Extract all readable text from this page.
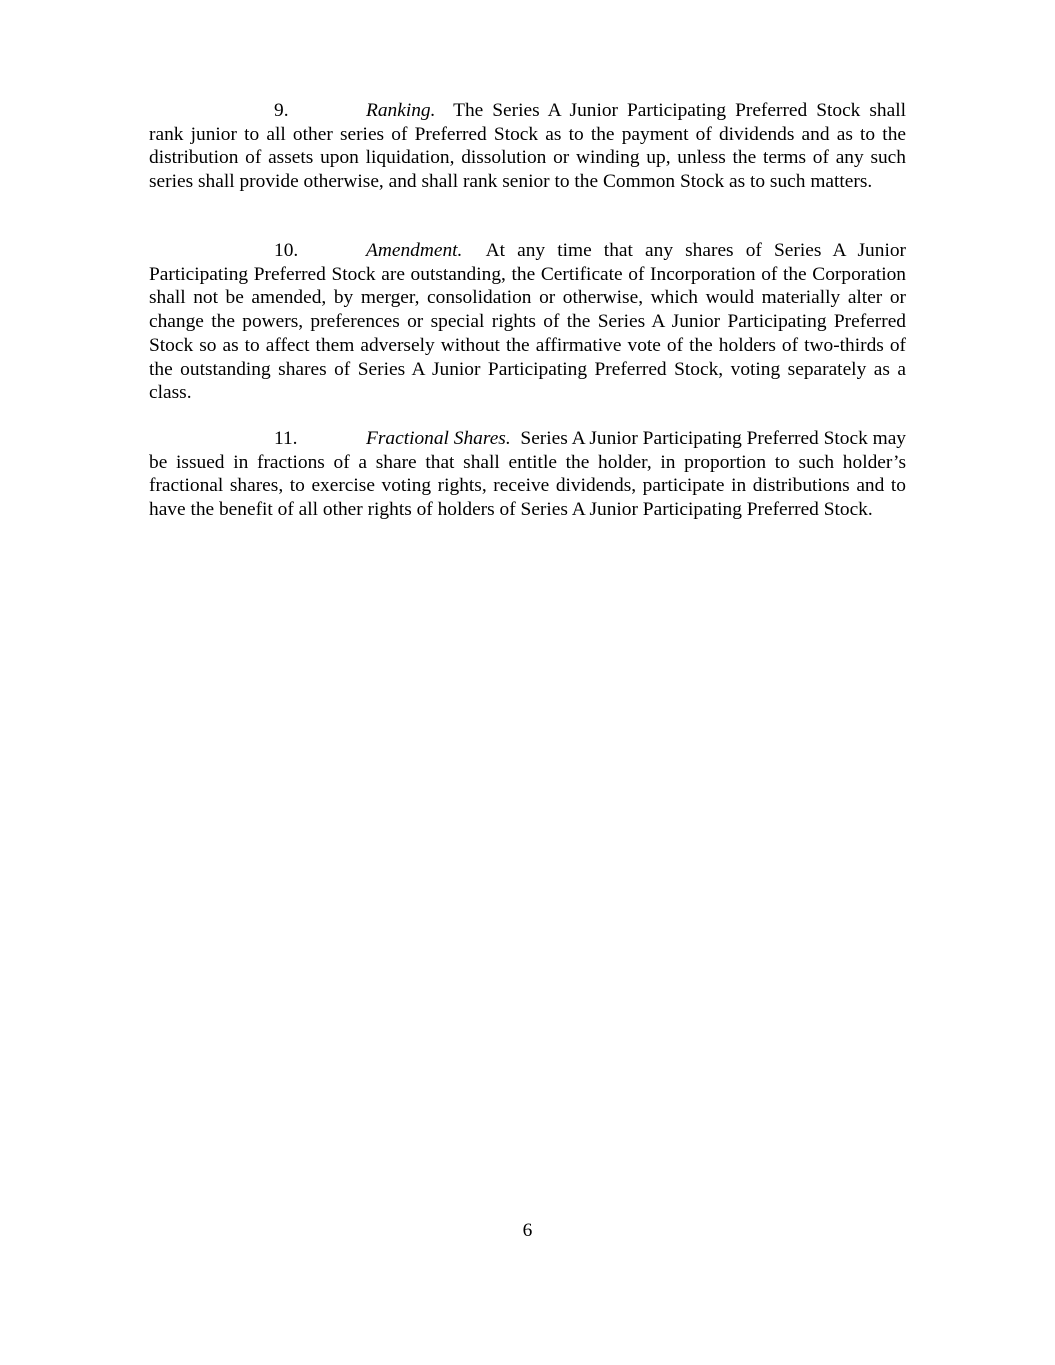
9.	Ranking. The Series A Junior Participating Preferred Stock shall rank junior to all other series of Preferred Stock as to the payment of dividends and as to the distribution of assets upon liquidation, dissolution or winding up, unless the terms of any such series shall provide otherwise, and shall rank senior to the Common Stock as to such matters.

10.	Amendment. At any time that any shares of Series A Junior Participating Preferred Stock are outstanding, the Certificate of Incorporation of the Corporation shall not be amended, by merger, consolidation or otherwise, which would materially alter or change the powers, preferences or special rights of the Series A Junior Participating Preferred Stock so as to affect them adversely without the affirmative vote of the holders of two-thirds of the outstanding shares of Series A Junior Participating Preferred Stock, voting separately as a class.

11.	Fractional Shares. Series A Junior Participating Preferred Stock may be issued in fractions of a share that shall entitle the holder, in proportion to such holder’s fractional shares, to exercise voting rights, receive dividends, participate in distributions and to have the benefit of all other rights of holders of Series A Junior Participating Preferred Stock.

6
